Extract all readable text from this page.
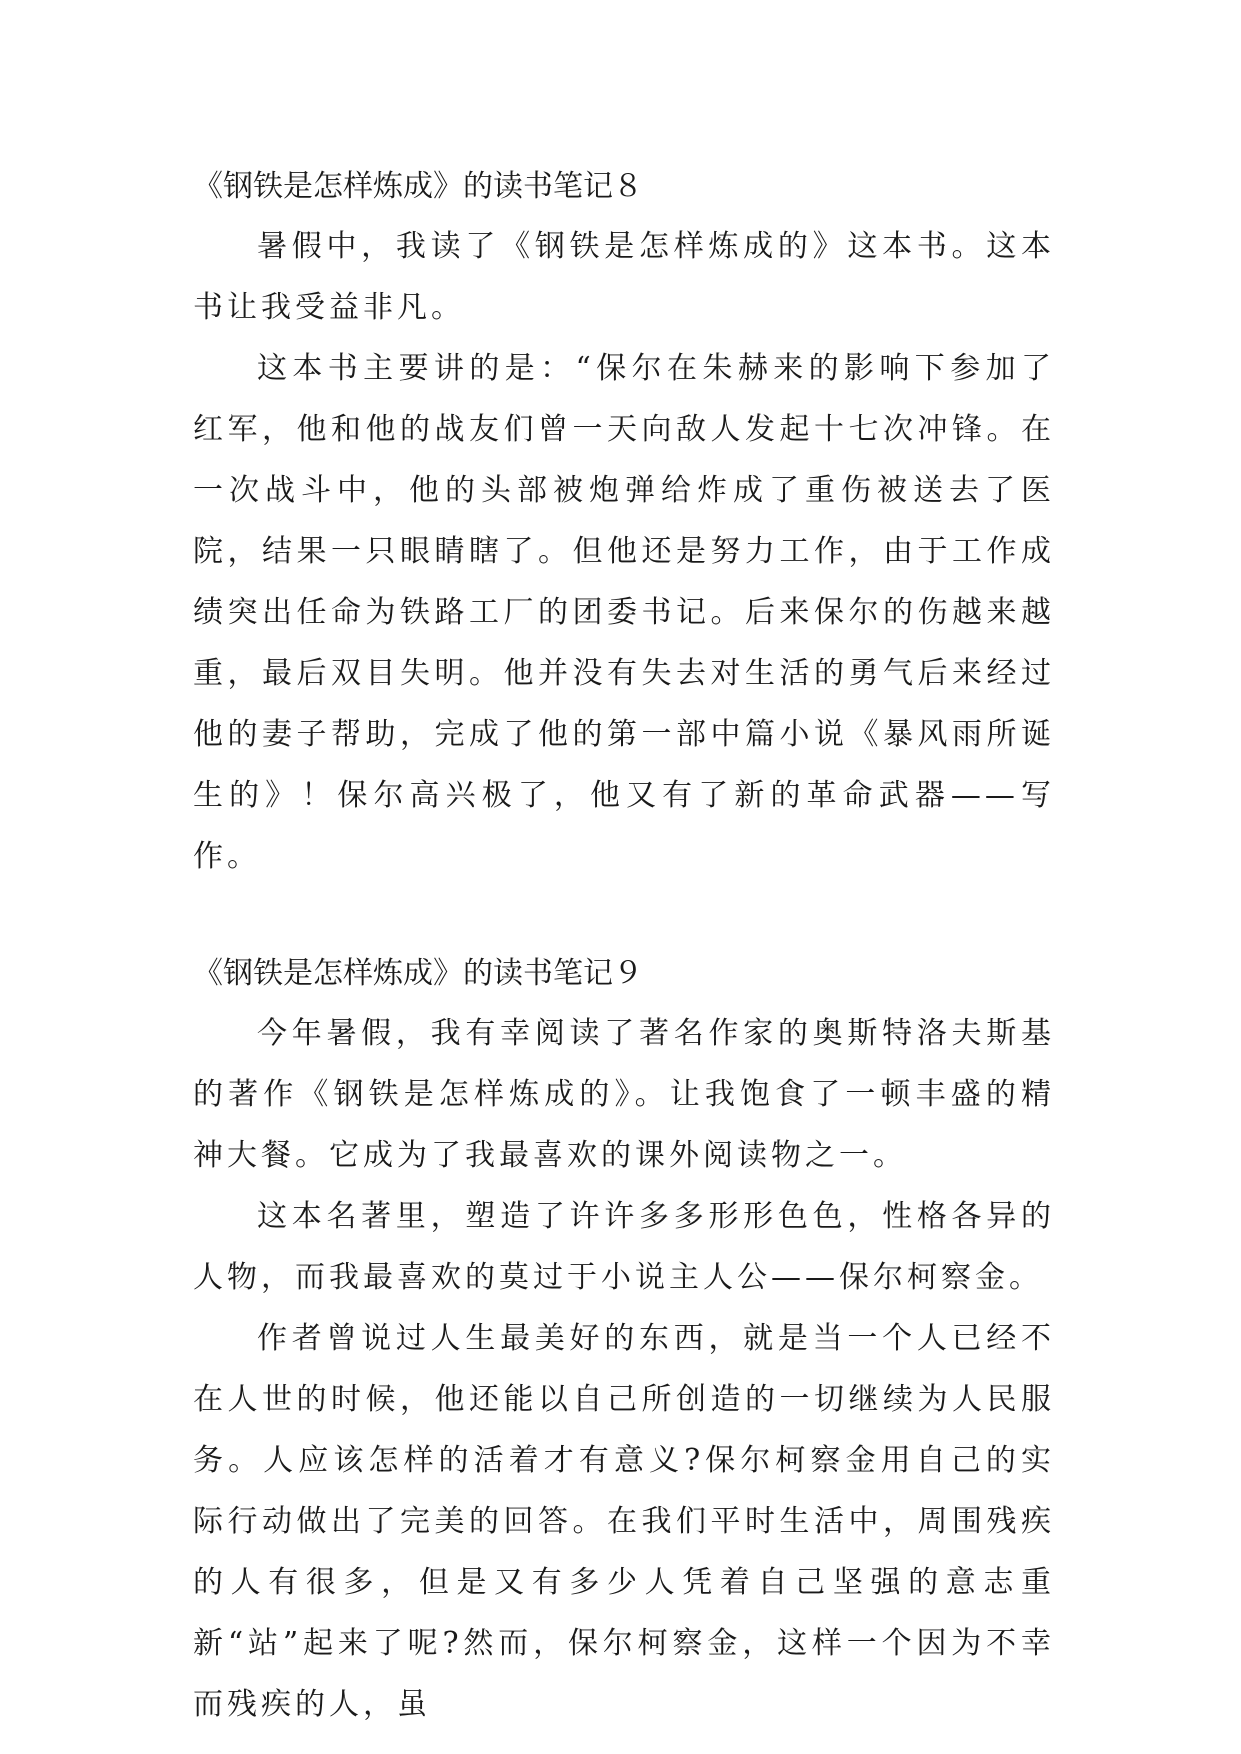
《钢铁是怎样炼成》的读书笔记８

暑假中，我读了《钢铁是怎样炼成的》这本书。这本书让我受益非凡。

这本书主要讲的是：“保尔在朱赫来的影响下参加了红军，他和他的战友们曾一天向敌人发起十七次冲锋。在一次战斗中，他的头部被炮弹给炸成了重伤被送去了医院，结果一只眼睛瞎了。但他还是努力工作，由于工作成绩突出任命为铁路工厂的团委书记。后来保尔的伤越来越重，最后双目失明。他并没有失去对生活的勇气后来经过他的妻子帮助，完成了他的第一部中篇小说《暴风雨所诞生的》！保尔高兴极了，他又有了新的革命武器——写作。

《钢铁是怎样炼成》的读书笔记９

今年暑假，我有幸阅读了著名作家的奥斯特洛夫斯基的著作《钢铁是怎样炼成的》。让我饱食了一顿丰盛的精神大餐。它成为了我最喜欢的课外阅读物之一。

这本名著里，塑造了许许多多形形色色，性格各异的人物，而我最喜欢的莫过于小说主人公——保尔柯察金。

作者曾说过人生最美好的东西，就是当一个人已经不在人世的时候，他还能以自己所创造的一切继续为人民服务。人应该怎样的活着才有意义?保尔柯察金用自己的实际行动做出了完美的回答。在我们平时生活中，周围残疾的人有很多，但是又有多少人凭着自己坚强的意志重新“站”起来了呢?然而，保尔柯察金，这样一个因为不幸而残疾的人，虽
